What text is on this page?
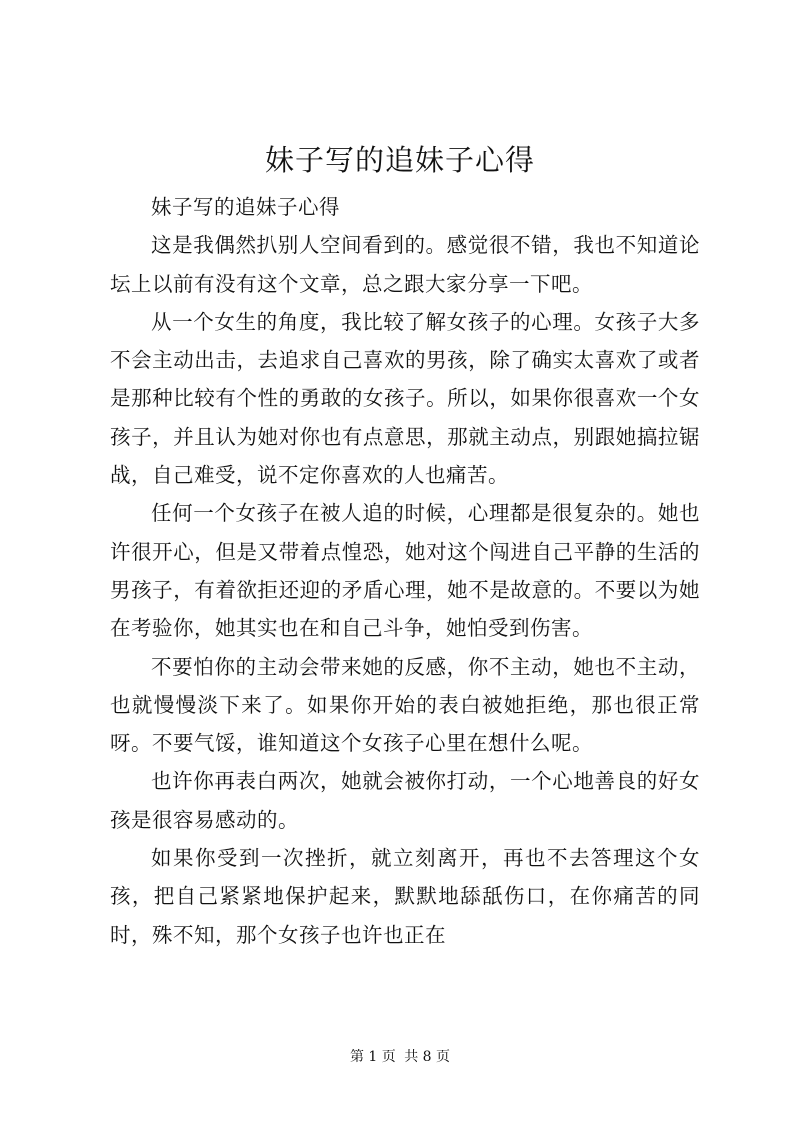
妹子写的追妹子心得

妹子写的追妹子心得

这是我偶然扒别人空间看到的。感觉很不错，我也不知道论坛上以前有没有这个文章，总之跟大家分享一下吧。

从一个女生的角度，我比较了解女孩子的心理。女孩子大多不会主动出击，去追求自己喜欢的男孩，除了确实太喜欢了或者是那种比较有个性的勇敢的女孩子。所以，如果你很喜欢一个女孩子，并且认为她对你也有点意思，那就主动点，别跟她搞拉锯战，自己难受，说不定你喜欢的人也痛苦。

任何一个女孩子在被人追的时候，心理都是很复杂的。她也许很开心，但是又带着点惶恐，她对这个闯进自己平静的生活的男孩子，有着欲拒还迎的矛盾心理，她不是故意的。不要以为她在考验你，她其实也在和自己斗争，她怕受到伤害。

不要怕你的主动会带来她的反感，你不主动，她也不主动，也就慢慢淡下来了。如果你开始的表白被她拒绝，那也很正常呀。不要气馁，谁知道这个女孩子心里在想什么呢。

也许你再表白两次，她就会被你打动，一个心地善良的好女孩是很容易感动的。

如果你受到一次挫折，就立刻离开，再也不去答理这个女孩，把自己紧紧地保护起来，默默地舔舐伤口，在你痛苦的同时，殊不知，那个女孩子也许也正在

第 1 页 共 8 页
